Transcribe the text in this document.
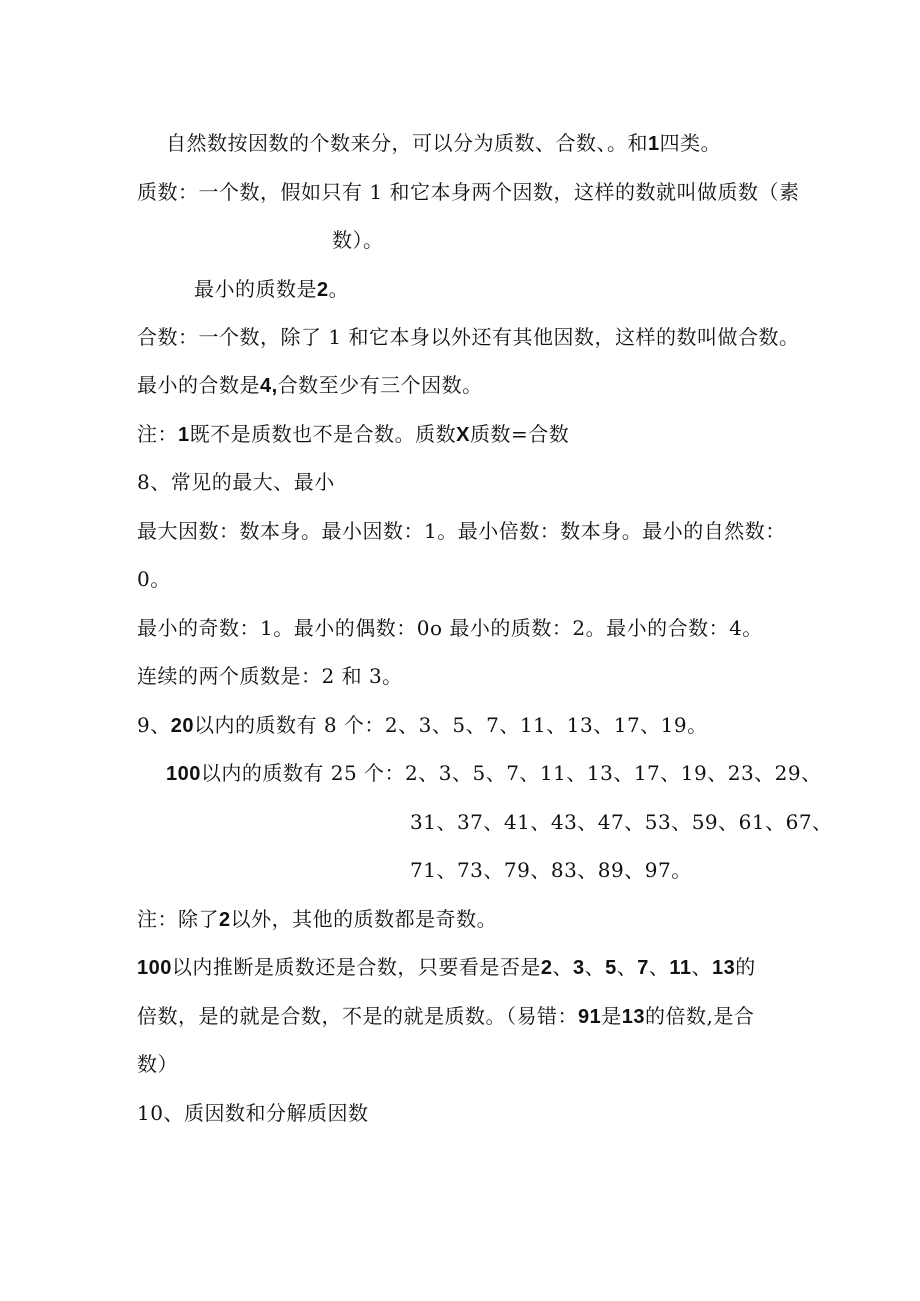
自然数按因数的个数来分，可以分为质数、合数、。和1四类。
质数：一个数，假如只有 1 和它本身两个因数，这样的数就叫做质数（素
数）。
最小的质数是2。
合数：一个数，除了 1 和它本身以外还有其他因数，这样的数叫做合数。
最小的合数是4,合数至少有三个因数。
注：1既不是质数也不是合数。质数X质数=合数
8、常见的最大、最小
最大因数：数本身。最小因数：1。最小倍数：数本身。最小的自然数：
0。
最小的奇数：1。最小的偶数：0o 最小的质数：2。最小的合数：4。
连续的两个质数是：2 和 3。
9、20以内的质数有 8 个：2、3、5、7、11、13、17、19。
100以内的质数有 25 个：2、3、5、7、11、13、17、19、23、29、
31、37、41、43、47、53、59、61、67、
71、73、79、83、89、97。
注：除了2以外，其他的质数都是奇数。
100以内推断是质数还是合数，只要看是否是2、3、5、7、11、13的
倍数，是的就是合数，不是的就是质数。（易错：91是13的倍数,是合
数）
10、质因数和分解质因数
